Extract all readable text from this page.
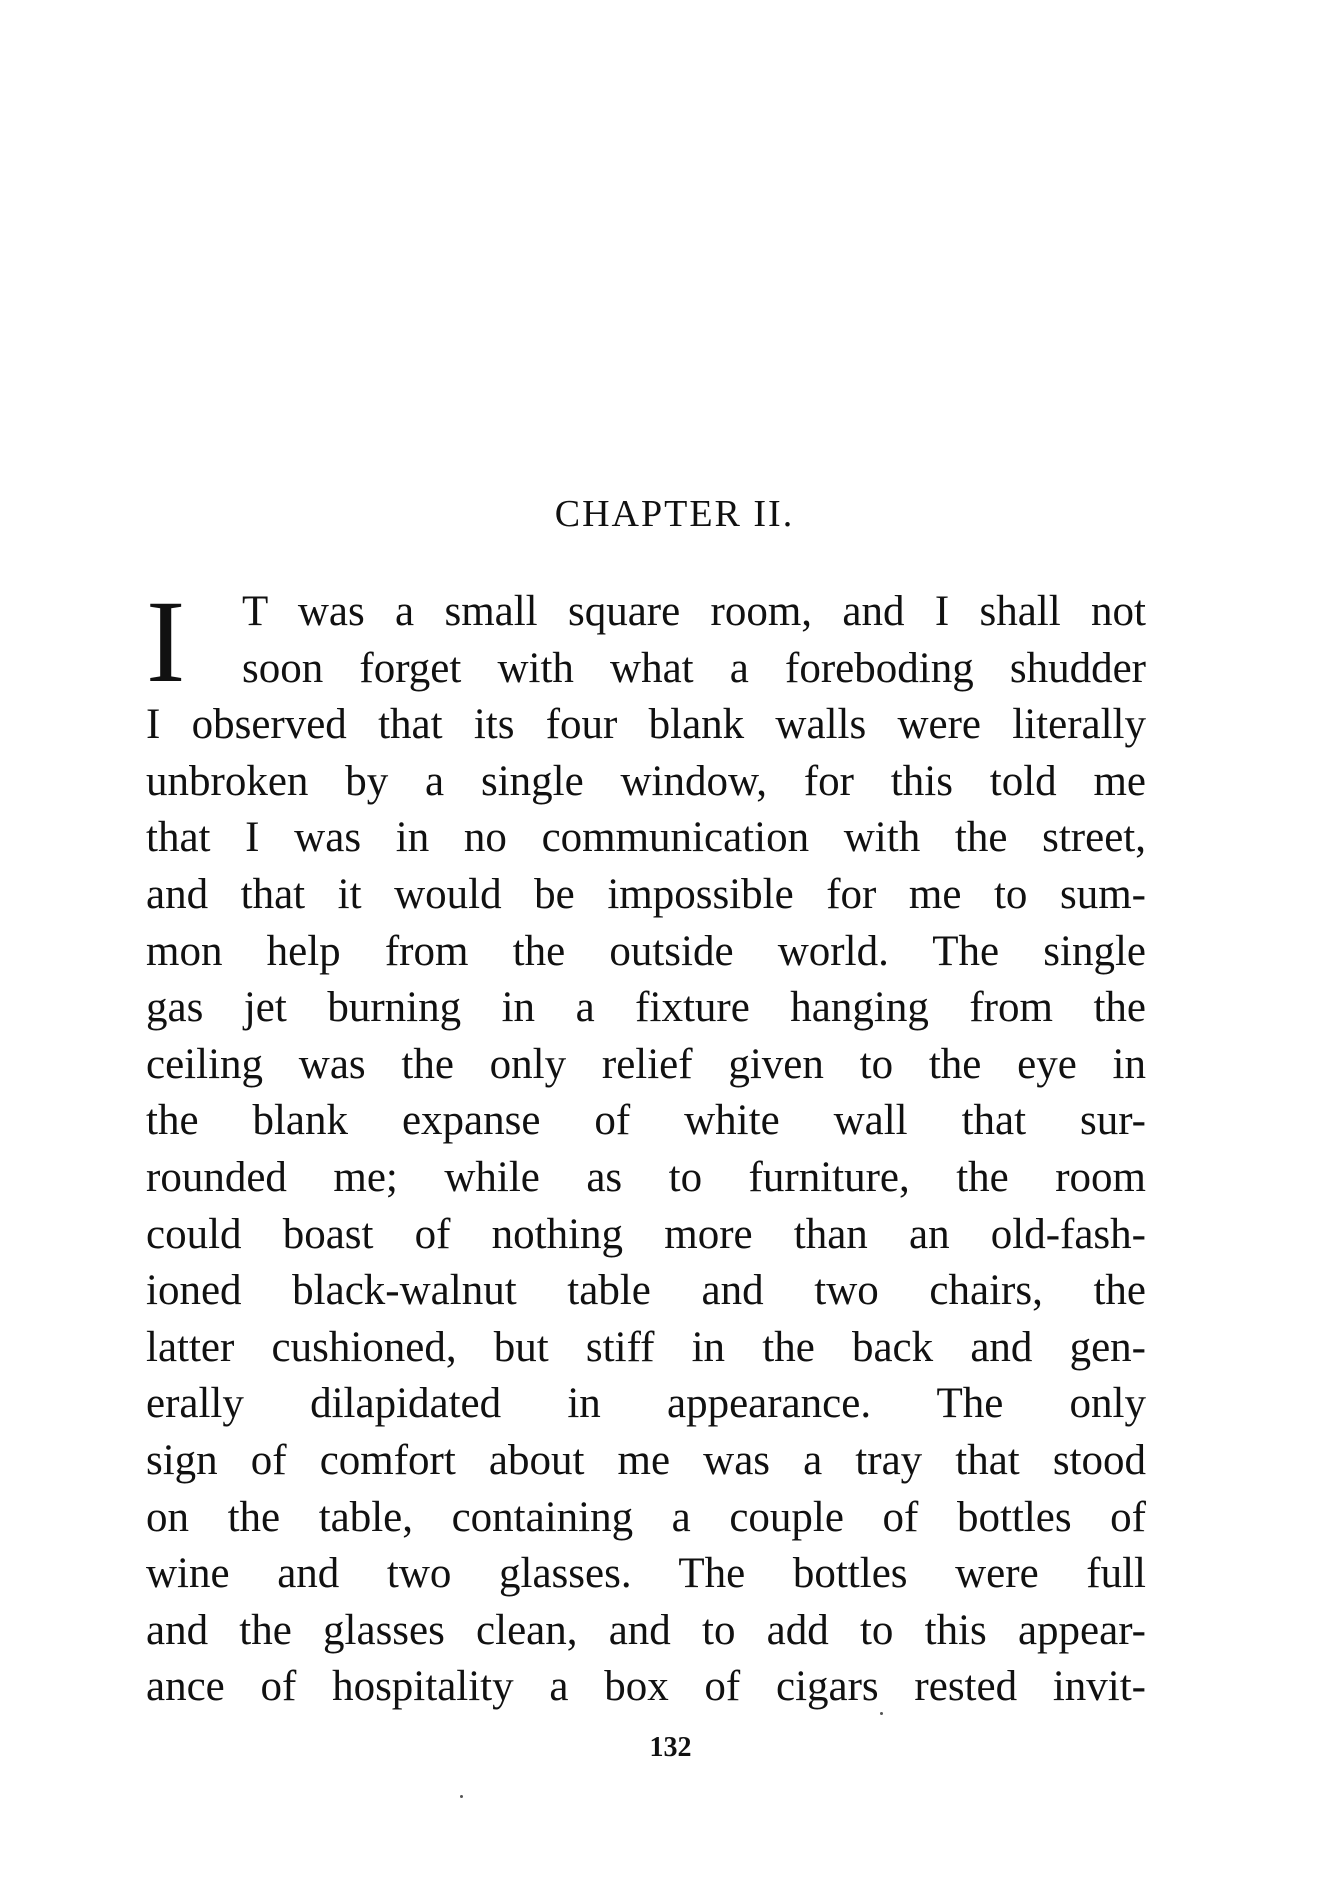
CHAPTER II.
I	T was a small square room, and I shall not
soon forget with what a foreboding shudder
I observed that its four blank walls were literally
unbroken by a single window, for this told me
that I was in no communication with the street,
and that it would be impossible for me to sum-
mon help from the outside world. The single
gas jet burning in a fixture hanging from the
ceiling was the only relief given to the eye in
the blank expanse of white wall that sur-
rounded me; while as to furniture, the room
could boast of nothing more than an old-fash-
ioned black-walnut table and two chairs, the
latter cushioned, but stiff in the back and gen-
erally dilapidated in appearance. The only
sign of comfort about me was a tray that stood
on the table, containing a couple of bottles of
wine and two glasses. The bottles were full
and the glasses clean, and to add to this appear-
ance of hospitality a box of cigars rested invit-
132
